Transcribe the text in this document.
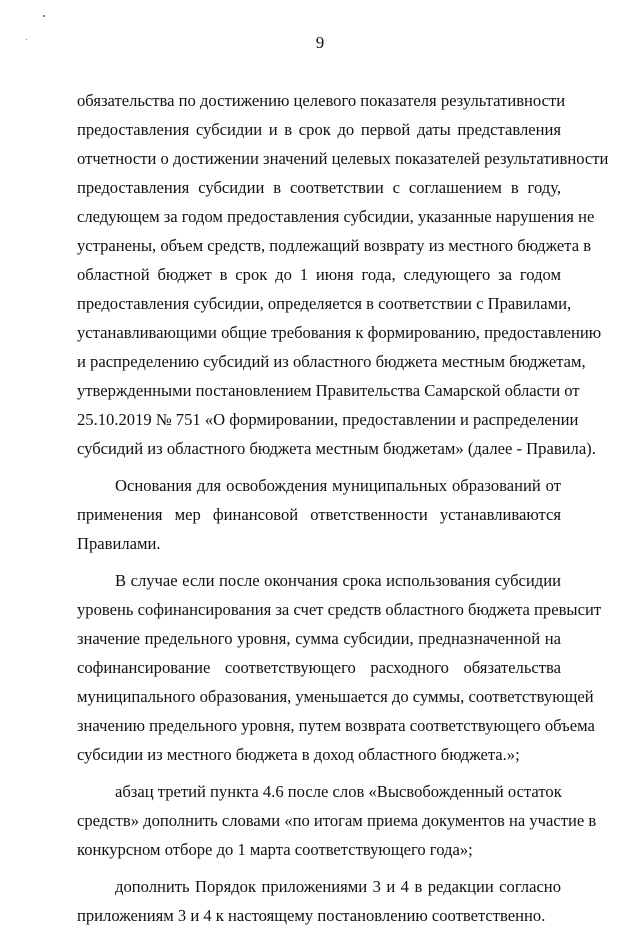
9
обязательства по достижению целевого показателя результативности
предоставления субсидии и в срок до первой даты представления
отчетности о достижении значений целевых показателей результативности
предоставления субсидии в соответствии с соглашением в году,
следующем за годом предоставления субсидии, указанные нарушения не
устранены, объем средств, подлежащий возврату из местного бюджета в
областной бюджет в срок до 1 июня года, следующего за годом
предоставления субсидии, определяется в соответствии с Правилами,
устанавливающими общие требования к формированию, предоставлению
и распределению субсидий из областного бюджета местным бюджетам,
утвержденными постановлением Правительства Самарской области от
25.10.2019 № 751 «О формировании, предоставлении и распределении
субсидий из областного бюджета местным бюджетам» (далее - Правила).
Основания для освобождения муниципальных образований от
применения мер финансовой ответственности устанавливаются
Правилами.
В случае если после окончания срока использования субсидии
уровень софинансирования за счет средств областного бюджета превысит
значение предельного уровня, сумма субсидии, предназначенной на
софинансирование соответствующего расходного обязательства
муниципального образования, уменьшается до суммы, соответствующей
значению предельного уровня, путем возврата соответствующего объема
субсидии из местного бюджета в доход областного бюджета.»;
абзац третий пункта 4.6 после слов «Высвобожденный остаток
средств» дополнить словами «по итогам приема документов на участие в
конкурсном отборе до 1 марта соответствующего года»;
дополнить Порядок приложениями 3 и 4 в редакции согласно
приложениям 3 и 4 к настоящему постановлению соответственно.
